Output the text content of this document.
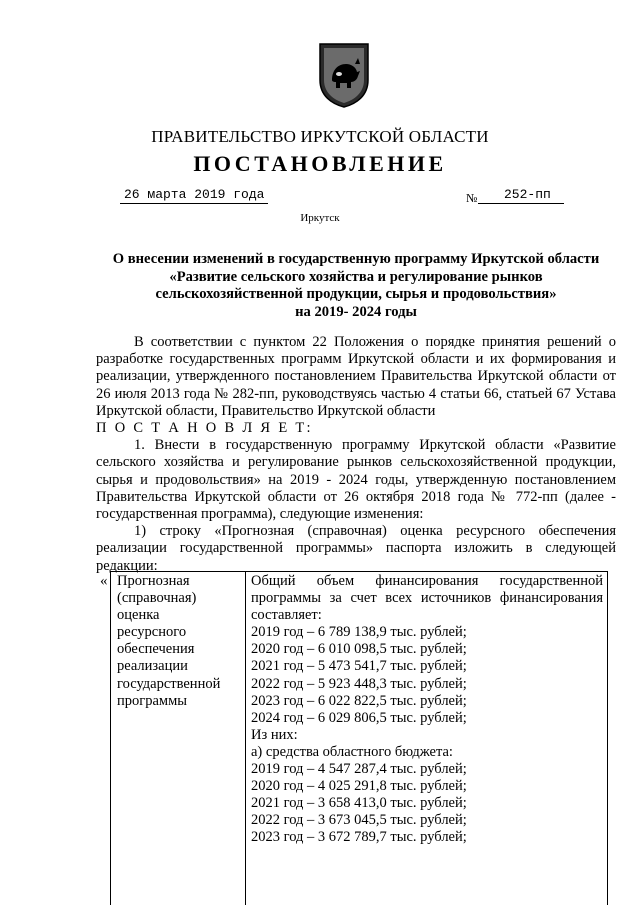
ПРАВИТЕЛЬСТВО ИРКУТСКОЙ ОБЛАСТИ
ПОСТАНОВЛЕНИЕ
26 марта 2019 года	№	252-пп
Иркутск
О внесении изменений в государственную программу Иркутской области
«Развитие сельского хозяйства и регулирование рынков
сельскохозяйственной продукции, сырья и продовольствия»
на 2019- 2024 годы

В соответствии с пунктом 22 Положения о порядке принятия решений о разработке государственных программ Иркутской области и их формирования и реализации, утвержденного постановлением Правительства Иркутской области от 26 июля 2013 года № 282-пп, руководствуясь частью 4 статьи 66, статьей 67 Устава Иркутской области, Правительство Иркутской области

П О С Т А Н О В Л Я Е Т:

1. Внести в государственную программу Иркутской области «Развитие сельского хозяйства и регулирование рынков сельскохозяйственной продукции, сырья и продовольствия» на 2019 - 2024 годы, утвержденную постановлением Правительства Иркутской области от 26 октября 2018 года № 772-пп (далее - государственная программа), следующие изменения:

1) строку «Прогнозная (справочная) оценка ресурсного обеспечения реализации государственной программы» паспорта изложить в следующей редакции:

« Прогнозная
(справочная)
оценка
ресурсного
обеспечения
реализации
государственной
программы
Общий объем финансирования государственной программы за счет всех источников финансирования составляет:
2019 год – 6 789 138,9 тыс. рублей;
2020 год – 6 010 098,5 тыс. рублей;
2021 год – 5 473 541,7 тыс. рублей;
2022 год – 5 923 448,3 тыс. рублей;
2023 год – 6 022 822,5 тыс. рублей;
2024 год – 6 029 806,5 тыс. рублей;
Из них:
а) средства областного бюджета:
2019 год – 4 547 287,4 тыс. рублей;
2020 год – 4 025 291,8 тыс. рублей;
2021 год – 3 658 413,0 тыс. рублей;
2022 год – 3 673 045,5 тыс. рублей;
2023 год – 3 672 789,7 тыс. рублей;
